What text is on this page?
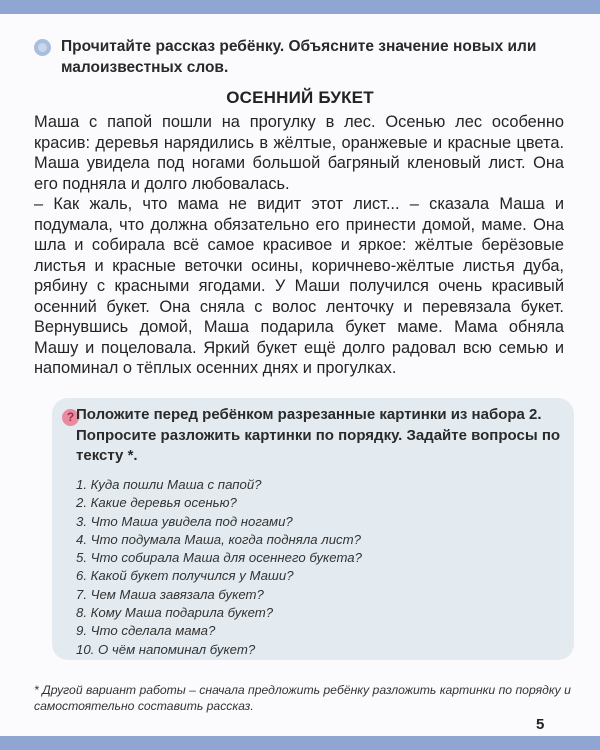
Прочитайте рассказ ребёнку. Объясните значение новых или малоизвестных слов.
ОСЕННИЙ БУКЕТ

Маша с папой пошли на прогулку в лес. Осенью лес особенно красив: деревья нарядились в жёлтые, оранжевые и красные цвета. Маша увидела под ногами большой багряный кленовый лист. Она его подняла и долго любовалась.

– Как жаль, что мама не видит этот лист... – сказала Маша и подумала, что должна обязательно его принести домой, маме. Она шла и собирала всё самое красивое и яркое: жёлтые берёзовые листья и красные веточки осины, коричнево-жёлтые листья дуба, рябину с красными ягодами. У Маши получился очень красивый осенний букет. Она сняла с волос ленточку и перевязала букет. Вернувшись домой, Маша подарила букет маме. Мама обняла Машу и поцеловала. Яркий букет ещё долго радовал всю семью и напоминал о тёплых осенних днях и прогулках.

? Положите перед ребёнком разрезанные картинки из набора 2. Попросите разложить картинки по порядку. Задайте вопросы по тексту *.
1. Куда пошли Маша с папой?
2. Какие деревья осенью?
3. Что Маша увидела под ногами?
4. Что подумала Маша, когда подняла лист?
5. Что собирала Маша для осеннего букета?
6. Какой букет получился у Маши?
7. Чем Маша завязала букет?
8. Кому Маша подарила букет?
9. Что сделала мама?
10. О чём напоминал букет?
* Другой вариант работы – сначала предложить ребёнку разложить картинки по порядку и самостоятельно составить рассказ.
5
